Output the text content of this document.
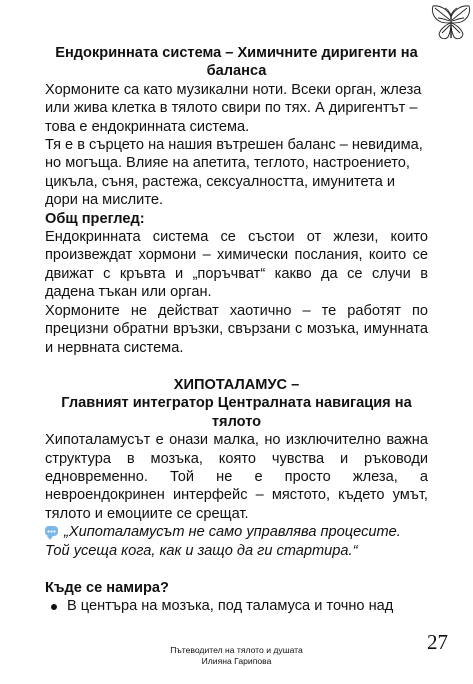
Ендокринната система – Химичните диригенти на баланса

Хормоните са като музикални ноти. Всеки орган, жлеза или жива клетка в тялото свири по тях. А диригентът – това е ендокринната система.

Тя е в сърцето на нашия вътрешен баланс – невидима, но могъща. Влияе на апетита, теглото, настроението, цикъла, съня, растежа, сексуалността, имунитета и дори на мислите.

Общ преглед:

Ендокринната система се състои от жлези, които произвеждат хормони – химически послания, които се движат с кръвта и „поръчват“ какво да се случи в дадена тъкан или орган.

Хормоните не действат хаотично – те работят по прецизни обратни връзки, свързани с мозъка, имунната и нервната система.

ХИПОТАЛАМУС –

Главният интегратор Централната навигация на тялото

Хипоталамусът е онази малка, но изключително важна структура в мозъка, която чувства и ръководи едновременно. Той не е просто жлеза, а невроендокринен интерфейс – мястото, където умът, тялото и емоциите се срещат.

„Хипоталамусът не само управлява процесите. Той усеща кога, как и защо да ги стартира.“

Къде се намира?

В центъра на мозъка, под таламуса и точно над
27
Пътеводител на тялото и душата
Илияна Гарипова
